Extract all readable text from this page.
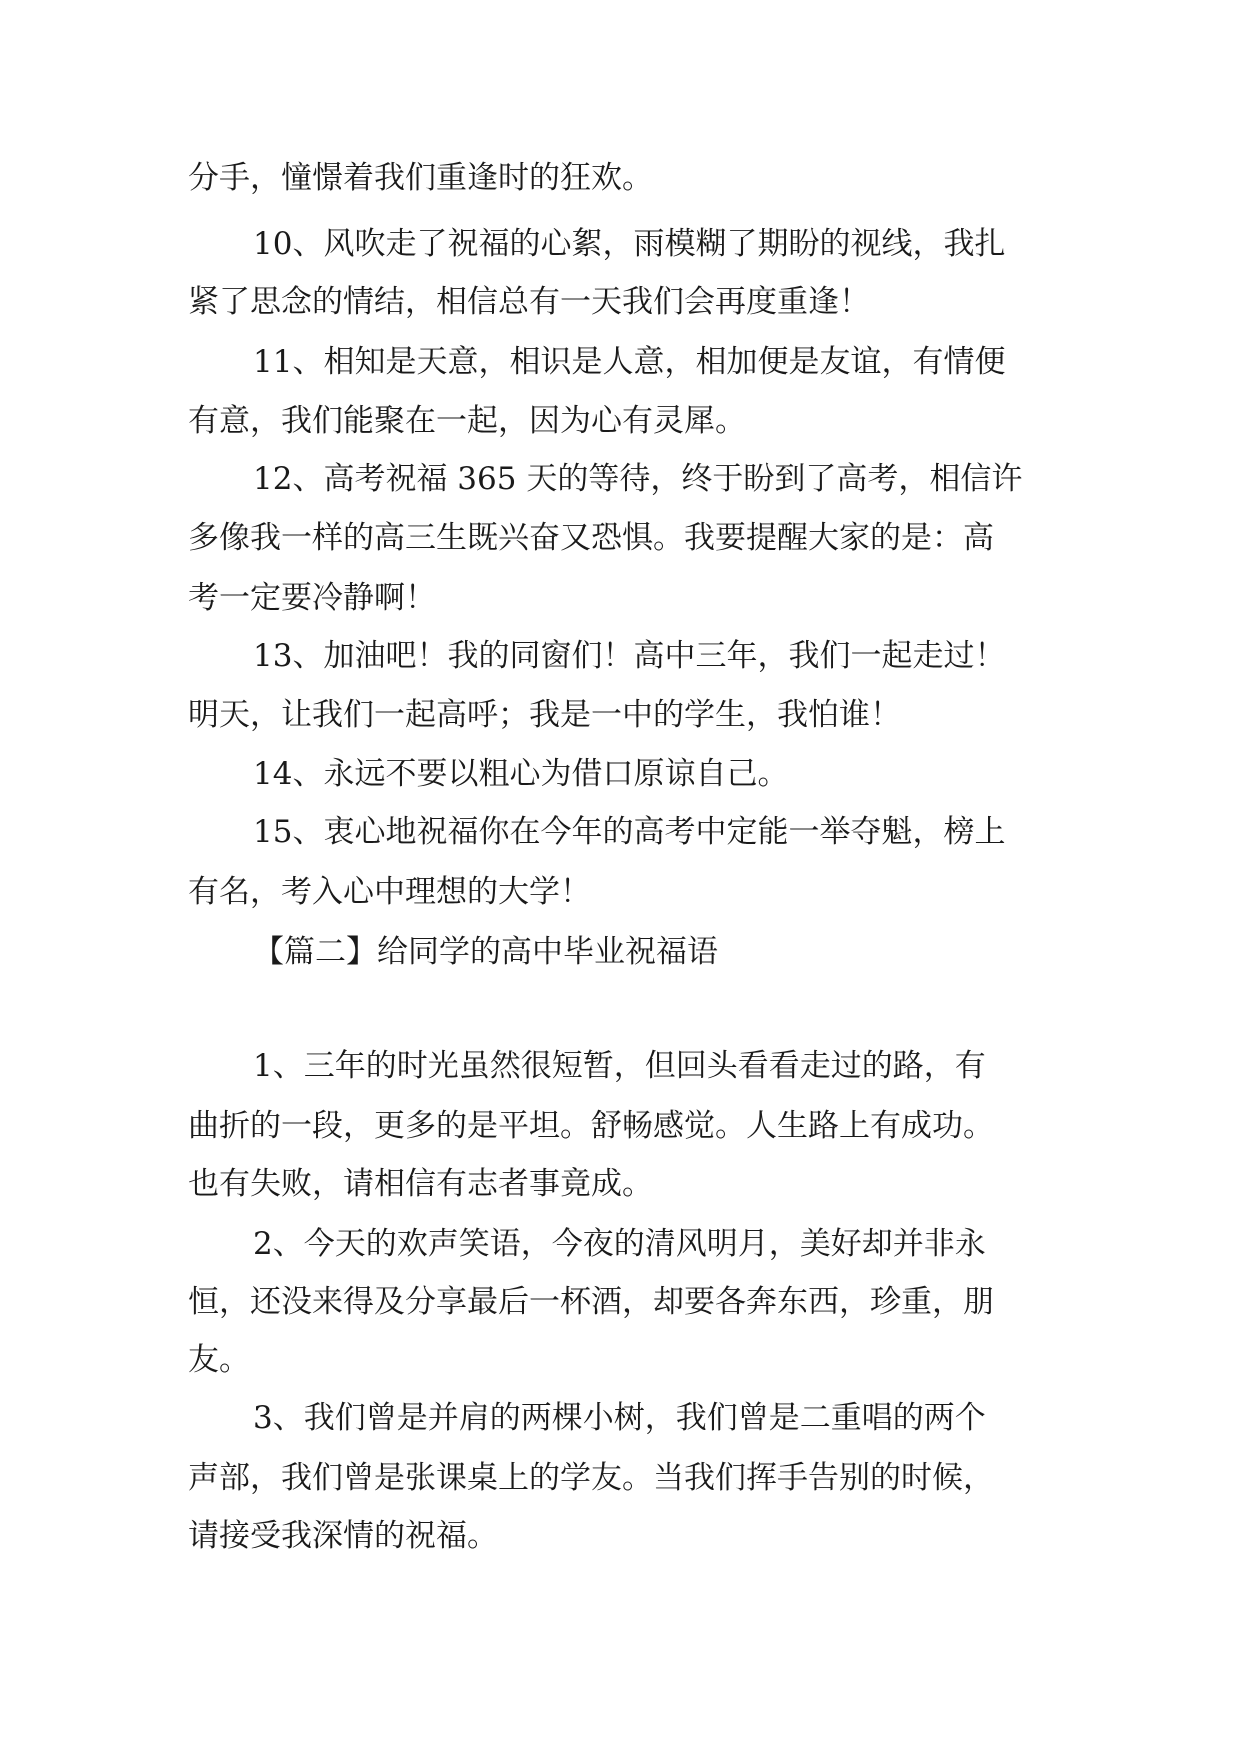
分手，憧憬着我们重逢时的狂欢。

10、风吹走了祝福的心絮，雨模糊了期盼的视线，我扎

紧了思念的情结，相信总有一天我们会再度重逢！

11、相知是天意，相识是人意，相加便是友谊，有情便

有意，我们能聚在一起，因为心有灵犀。

12、高考祝福 365 天的等待，终于盼到了高考，相信许

多像我一样的高三生既兴奋又恐惧。我要提醒大家的是：高

考一定要冷静啊！

13、加油吧！我的同窗们！高中三年，我们一起走过！

明天，让我们一起高呼；我是一中的学生，我怕谁！

14、永远不要以粗心为借口原谅自己。

15、衷心地祝福你在今年的高考中定能一举夺魁，榜上

有名，考入心中理想的大学！

【篇二】给同学的高中毕业祝福语

1、三年的时光虽然很短暂，但回头看看走过的路，有

曲折的一段，更多的是平坦。舒畅感觉。人生路上有成功。

也有失败，请相信有志者事竟成。

2、今天的欢声笑语，今夜的清风明月，美好却并非永

恒，还没来得及分享最后一杯酒，却要各奔东西，珍重，朋

友。

3、我们曾是并肩的两棵小树，我们曾是二重唱的两个

声部，我们曾是张课桌上的学友。当我们挥手告别的时候，

请接受我深情的祝福。
